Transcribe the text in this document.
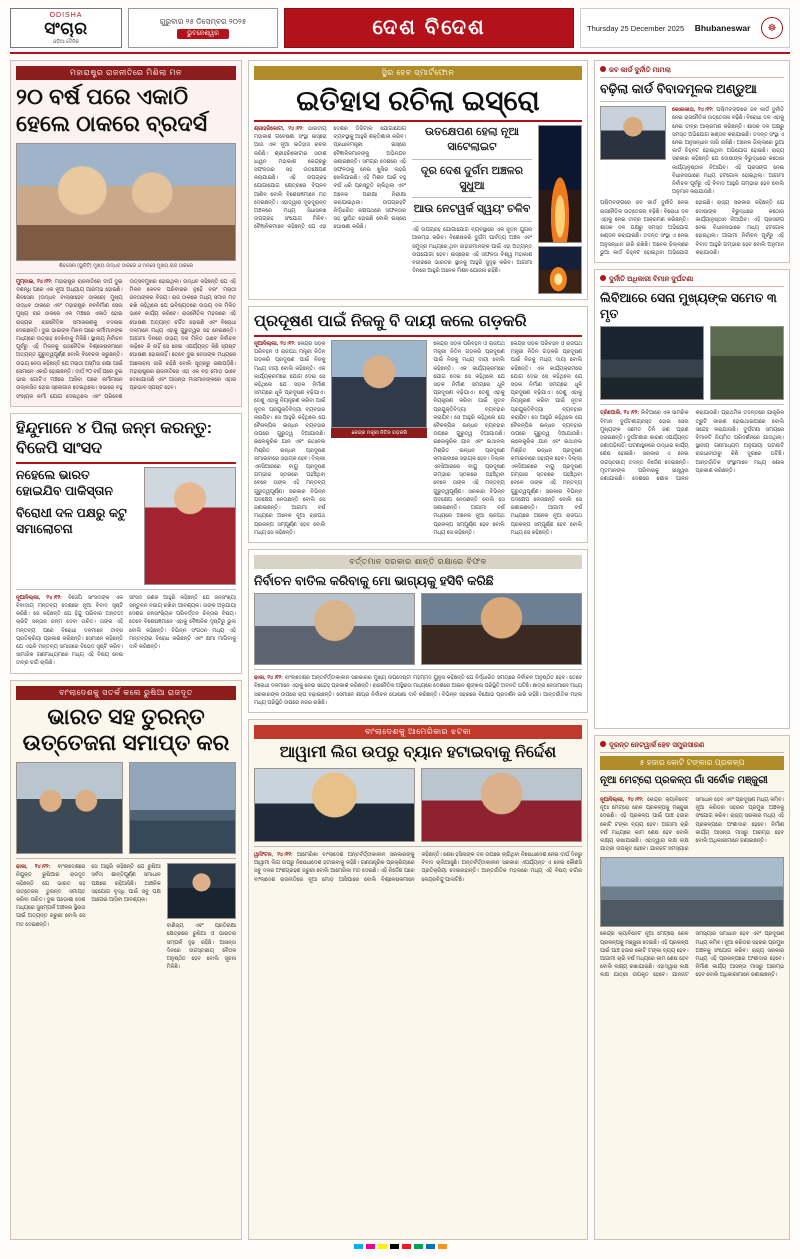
ODISHA
ସଂଚାର
ଓଡ଼ିଆ ଦୈନିକ
ଗୁରୁବାର ୨୫ ଡିସେମ୍ବର ୨୦୨୫
ଭୁବନେଶ୍ୱର	ଦେଶ ବିଦେଶ	Thursday 25 December 2025 Bhubaneswar	☸
ମହାରାଷ୍ଟ୍ର ରାଜନୀତିରେ ମିଶିଲା ମନ
୨୦ ବର୍ଷ ପରେ ଏକାଠି ହେଲେ ଠାକରେ ବ୍ରଦର୍ସ
ଶିବସେନା (ୟୁବିଟି) ମୁଖ୍ୟ ଉଦ୍ଧବ ଠାକରେ ଓ ମନସେ ମୁଖ୍ୟ ରାଜ ଠାକରେ
ମୁମ୍ବାଇ, ୨୪।୧୨: ମହାରାଷ୍ଟ୍ର ରାଜନୀତିରେ ଦୀର୍ଘ ଦୁଇ ଦଶନ୍ଧି ପରେ ଏକ ନୂଆ ଅଧ୍ୟାୟ ଆରମ୍ଭ ହୋଇଛି। ଶିବସେନା (ଉଦ୍ଧବ ବାଲାସାହେବ ଠାକରେ) ମୁଖ୍ୟ ଉଦ୍ଧବ ଠାକରେ ଏବଂ ମହାରାଷ୍ଟ୍ର ନବନିର୍ମାଣ ସେନା ମୁଖ୍ୟ ରାଜ ଠାକରେ ଏକ ମଞ୍ଚରେ ଏକାଠି ହୋଇ ରାଜ୍ୟର ରାଜନୈତିକ ସମୀକରଣକୁ ବଦଳାଇ ଦେଇଛନ୍ତି। ଦୁଇ ଭାଇଙ୍କ ମିଳନ ପରେ କର୍ମୀମାନଙ୍କ ମଧ୍ୟରେ ଉତ୍ସାହ ଦେଖିବାକୁ ମିଳିଛି। ସ୍ଥାନୀୟ ନିର୍ବାଚନ ପୂର୍ବରୁ ଏହି ମିଳନକୁ ରାଜନୈତିକ ବିଶ୍ଳେଷକମାନେ ଅତ୍ୟନ୍ତ ଗୁରୁତ୍ୱପୂର୍ଣ୍ଣ ବୋଲି ବିବେଚନା କରୁଛନ୍ତି। ଉଭୟ ନେତା କହିଛନ୍ତି ଯେ ମରାଠୀ ଅସ୍ମିତା ରକ୍ଷା ପାଇଁ ସେମାନେ ଏକାଠି ହୋଇଛନ୍ତି। ଦୀର୍ଘ ୨୦ ବର୍ଷ ପରେ ଦୁଇ ଭାଇ ଗୋଟିଏ ମଞ୍ଚରେ ଆସିବା ପରେ କର୍ମୀମାନେ ଉଲ୍ଲସିତ ହୋଇ ସ୍ଲୋଗାନ ଦେଇଥିଲେ। ସଭାରେ ବହୁ ସଂଖ୍ୟକ କର୍ମୀ ଯୋଗ ଦେଇଥିଲେ ଏବଂ ପରିବେଶ ଉତ୍ସବମୁଖର ହୋଇଥିଲା। ଉଦ୍ଧବ କହିଛନ୍ତି ଯେ ଏହି ମିଳନ କେବଳ ପରିବାରର ନୁହେଁ ବରଂ ମରାଠୀ ଜନତାଙ୍କର ବିଜୟ। ରାଜ ଠାକରେ ମଧ୍ୟ ସମାନ ମତ ରଖି କହିଥିଲେ ଯେ ଭବିଷ୍ୟତରେ ଉଭୟ ଦଳ ମିଳିତ ଭାବେ କାର୍ଯ୍ୟ କରିବେ। ରାଜନୈତିକ ମହଲରେ ଏହି ଘୋଷଣା ଅତ୍ୟନ୍ତ ଚର୍ଚ୍ଚିତ ହୋଇଛି ଏବଂ ବିରୋଧୀ ଦଳମାନେ ମଧ୍ୟ ଏହାକୁ ଗୁରୁତ୍ୱର ସହ ନେଇଛନ୍ତି। ଆଗାମୀ ଦିନରେ ଉଭୟ ଦଳ ମିଳିତ ଭାବେ ନିର୍ବାଚନ ଲଢ଼ିବେ କି ନାହିଁ ସେ ନେଇ ଏପର୍ଯ୍ୟନ୍ତ କିଛି ସ୍ପଷ୍ଟ ଘୋଷଣା ହୋଇନାହିଁ। ତେବେ ଦୁଇ ନେତାଙ୍କ ମଧ୍ୟରେ ଆଲୋଚନା ଜାରି ରହିଛି ବୋଲି ସୂତ୍ରରୁ ଜଣାପଡ଼ିଛି। ମହାରାଷ୍ଟ୍ରର ରାଜନୀତିରେ ଏହା ଏକ ବଡ଼ ମୋଡ଼ ଭାବେ ଦେଖାଯାଉଛି ଏବଂ ଆସନ୍ତା ମାସମାନଙ୍କରେ ଏହାର ପ୍ରଭାବ ସ୍ପଷ୍ଟ ହେବ।
ହିନ୍ଦୁମାନେ ୪ ପିଲା ଜନ୍ମ କରନ୍ତୁ: ବିଜେପି ସାଂସଦ
ନହେଲେ ଭାରତ ହୋଇଯିବ ପାକିସ୍ତାନ
ବିରୋଧୀ ଦଳ ପକ୍ଷରୁ କଟୁ ସମାଲୋଚନା
ନୂଆଦିଲ୍ଲୀ, ୨୪।୧୨: ବିଜେପି ସାଂସଦଙ୍କ ଏକ ବିବାଦୀୟ ମନ୍ତବ୍ୟ ଦେଶରେ ନୂଆ ବିବାଦ ସୃଷ୍ଟି କରିଛି। ସେ କହିଛନ୍ତି ଯେ ହିନ୍ଦୁ ପରିବାର ଅନ୍ତତଃ ଚାରିଟି ସନ୍ତାନ ଜନ୍ମ ଦେବା ଉଚିତ। ତାଙ୍କ ଏହି ମନ୍ତବ୍ୟ ପରେ ବିରୋଧୀ ଦଳମାନେ ତୀବ୍ର ପ୍ରତିକ୍ରିୟା ପ୍ରକାଶ କରିଛନ୍ତି। ସେମାନେ କହିଛନ୍ତି ଯେ ଏଭଳି ମନ୍ତବ୍ୟ ସମାଜରେ ବିଭେଦ ସୃଷ୍ଟି କରିବ। ସାମାଜିକ ଗଣମାଧ୍ୟମରେ ମଧ୍ୟ ଏହି ବିଷୟ ନେଇ ତୀବ୍ର ଚର୍ଚ୍ଚା ଚାଲିଛି।
ସାଂସଦ ଜଣକ ଆହୁରି କହିଛନ୍ତି ଯେ ଜନସଂଖ୍ୟା ସନ୍ତୁଳନ ବଜାୟ ରଖିବା ଆବଶ୍ୟକ। ତାଙ୍କ ଅନୁଯାୟୀ ଦେଶର ଜନସାଂଖ୍ୟିକ ପରିବର୍ତ୍ତନ ଚିନ୍ତାର ବିଷୟ। ତେବେ ବିଶେଷଜ୍ଞମାନେ ଏହାକୁ ବୈଜ୍ଞାନିକ ଦୃଷ୍ଟିରୁ ଭୁଲ ବୋଲି କହିଛନ୍ତି। ବିଭିନ୍ନ ସଂଗଠନ ମଧ୍ୟ ଏହି ମନ୍ତବ୍ୟର ବିରୋଧ କରିଛନ୍ତି ଏବଂ କ୍ଷମା ମାଗିବାକୁ ଦାବି କରିଛନ୍ତି।
ବାଂଲାଦେଶକୁ ସତର୍କ କଲେ ରୁଷିଆ ରାଜଦୂତ
ଭାରତ ସହ ତୁରନ୍ତ ଉତ୍ତେଜନା ସମାପ୍ତ କର
ଢାକା, ୨୪।୧୨: ବାଂଲାଦେଶରେ ନିଯୁକ୍ତ ରୁଷିଆର ରାଜଦୂତ କହିଛନ୍ତି ଯେ ଭାରତ ସହ ଉତ୍ତେଜନା ତୁରନ୍ତ ସମାପ୍ତ କରିବା ଉଚିତ। ଦୁଇ ପଡ଼ୋଶୀ ଦେଶ ମଧ୍ୟରେ ସୁସମ୍ପର୍କ ଅଞ୍ଚଳର ସ୍ଥିରତା ପାଇଁ ଅତ୍ୟନ୍ତ ଜରୁରୀ ବୋଲି ସେ ମତ ଦେଇଛନ୍ତି।
ସେ ଆହୁରି କହିଛନ୍ତି ଯେ ରୁଷିଆ ସର୍ବଦା ଶାନ୍ତିପୂର୍ଣ୍ଣ ସମାଧାନ ପକ୍ଷରେ ରହିଆସିଛି। ଆଞ୍ଚଳିକ ସହଯୋଗ ବୃଦ୍ଧି ପାଇଁ ସବୁ ପକ୍ଷ ଆଗେଇ ଆସିବା ଆବଶ୍ୟକ।
ବାଣିଜ୍ୟ ଏବଂ ପ୍ରତିରକ୍ଷା କ୍ଷେତ୍ରରେ ରୁଷିଆ ଓ ଭାରତର ସମ୍ପର୍କ ଦୃଢ଼ ରହିଛି। ଆସନ୍ତା ଦିନରେ ଉଚ୍ଚସ୍ତରୀୟ ବୈଠକ ଅନୁଷ୍ଠିତ ହେବ ବୋଲି ସୂଚନା ମିଳିଛି।
ସ୍ଥିର ହେବ ସ୍ମାର୍ଟଫୋନ
ଇତିହାସ ରଚିଲା ଇସ୍ରୋ
ଶ୍ରୀହରିକୋଟା, ୨୪।୧୨: ଭାରତୀୟ ମହାକାଶ ଗବେଷଣା ସଂସ୍ଥା ଇସ୍ରୋ ଆଉ ଏକ ନୂଆ ଇତିହାସ ରଚନା କରିଛି। ଶ୍ରୀହରିକୋଟାର ସତୀଶ ଧାୱନ ମହାକାଶ କେନ୍ଦ୍ରରୁ ସଫଳତାର ସହ ଉତକ୍ଷେପଣ କରାଯାଇଛି। ଏହି ଉପଗ୍ରହ ଯୋଗାଯୋଗ କ୍ଷେତ୍ରରେ ବିପ୍ଳବ ଆଣିବ ବୋଲି ବିଶେଷଜ୍ଞମାନେ ମତ ଦେଇଛନ୍ତି। ଏହାଦ୍ୱାରା ଦୂରଦୂରାନ୍ତ ଅଞ୍ଚଳରେ ମଧ୍ୟ ସିଧାସଳଖ ଉପଗ୍ରହ ସଂଯୋଗ ମିଳିବ। ବୈଜ୍ଞାନିକମାନେ କହିଛନ୍ତି ଯେ ଏହା ଦେଶର ଡିଜିଟାଲ ଯୋଗାଯୋଗ ବ୍ୟବସ୍ଥାକୁ ଆହୁରି ଶକ୍ତିଶାଳୀ କରିବ। ପ୍ରଧାନମନ୍ତ୍ରୀ ଇସ୍ରୋ ବୈଜ୍ଞାନିକମାନଙ୍କୁ ଅଭିନନ୍ଦନ ଜଣାଇଛନ୍ତି। ସମଗ୍ର ଦେଶରେ ଏହି ସଫଳତାକୁ ନେଇ ଖୁସିର ଲହରି ଖେଳିଯାଇଛି। ଏହି ମିଶନ ପାଇଁ ବହୁ ବର୍ଷ ଧରି ପ୍ରସ୍ତୁତି ଚାଲିଥିଲା ଏବଂ ଅନେକ ପରୀକ୍ଷା ନିରୀକ୍ଷା କରାଯାଇଥିଲା। ଉପଗ୍ରହଟି ନିର୍ଦ୍ଧାରିତ କକ୍ଷପଥରେ ସଫଳତାର ସହ ସ୍ଥାପିତ ହୋଇଛି ବୋଲି ଇସ୍ରୋ ଘୋଷଣା କରିଛି।
ଉତକ୍ଷେପଣ ହେଲା ନୂଆ ସାଟେଲାଇଟ
ଦୂର ଦେଶ ଦୁର୍ଗମ ଅଞ୍ଚଳର ସୁଧୁଆ
ଆଉ ନେଟୱର୍କ ସ୍ୱୟଂ ଚଳିବ
ଏହି ଉପଗ୍ରହ ଯୋଗାଯୋଗ ବ୍ୟବସ୍ଥାରେ ଏକ ନୂତନ ଯୁଗର ଆରମ୍ଭ କରିବ। ବିଶେଷକରି ଦୁର୍ଗମ ପାର୍ବତ୍ୟ ଅଞ୍ଚଳ ଏବଂ ସମୁଦ୍ର ମଧ୍ୟରେ ଥିବା ଜାହାଜମାନଙ୍କ ପାଇଁ ଏହା ଅତ୍ୟନ୍ତ ଉପଯୋଗୀ ହେବ। ଇସ୍ରୋର ଏହି ସଫଳତା ବିଶ୍ୱ ମହାକାଶ ବଜାରରେ ଭାରତର ସ୍ଥାନକୁ ଆହୁରି ସୁଦୃଢ଼ କରିବ। ଆଗାମୀ ଦିନରେ ଆହୁରି ଅନେକ ମିଶନ ଯୋଜନା ରହିଛି।
ପ୍ରଦୂଷଣ ପାଇଁ ନିଜକୁ ବି ଦାୟୀ କଲେ ଗଡ଼କରି
ନୂଆଦିଲ୍ଲୀ, ୨୪।୧୨: କେନ୍ଦ୍ର ସଡ଼କ ପରିବହନ ଓ ରାଜପଥ ମନ୍ତ୍ରୀ ନିତିନ ଗଡ଼କରି ପ୍ରଦୂଷଣ ପାଇଁ ନିଜକୁ ମଧ୍ୟ ଦାୟୀ ବୋଲି କହିଛନ୍ତି। ଏକ କାର୍ଯ୍ୟକ୍ରମରେ ଯୋଗ ଦେଇ ସେ କହିଥିଲେ ଯେ ସଡ଼କ ନିର୍ମାଣ ସମୟରେ ଧୂଳି ପ୍ରଦୂଷଣ ବଢ଼ିଯାଏ। ତେଣୁ ଏହାକୁ ନିୟନ୍ତ୍ରଣ କରିବା ପାଇଁ ନୂତନ ପ୍ରଯୁକ୍ତିବିଦ୍ୟା ବ୍ୟବହାର କରାଯିବ। ସେ ଆହୁରି କହିଥିଲେ ଯେ ବୈକଳ୍ପିକ ଇନ୍ଧନ ବ୍ୟବହାର ଉପରେ ଗୁରୁତ୍ୱ ଦିଆଯାଉଛି। ଇଲେକ୍ଟ୍ରିକ ଯାନ ଏବଂ ଇଥାନଲ ମିଶ୍ରିତ ଇନ୍ଧନ ପ୍ରଦୂଷଣ କମାଇବାରେ ସହାୟକ ହେବ। ଦିଲ୍ଲୀ ଏନସିଆରରେ ବାୟୁ ପ୍ରଦୂଷଣ ଗମ୍ଭୀର ସ୍ତରରେ ପହଞ୍ଚିଥିବା ବେଳେ ତାଙ୍କ ଏହି ମନ୍ତବ୍ୟ ଗୁରୁତ୍ୱପୂର୍ଣ୍ଣ। ସରକାର ବିଭିନ୍ନ ପଦକ୍ଷେପ ନେଉଛନ୍ତି ବୋଲି ସେ ଜଣାଇଛନ୍ତି। ଆଗାମୀ ବର୍ଷ ମଧ୍ୟରେ ଅନେକ ନୂଆ ରାଜପଥ ପ୍ରକଳ୍ପ ସମ୍ପୂର୍ଣ୍ଣ ହେବ ବୋଲି ମଧ୍ୟ ସେ କହିଛନ୍ତି।
କେନ୍ଦ୍ର ମନ୍ତ୍ରୀ ନିତିନ ଗଡ଼କରି
କେନ୍ଦ୍ର ସଡ଼କ ପରିବହନ ଓ ରାଜପଥ ମନ୍ତ୍ରୀ ନିତିନ ଗଡ଼କରି ପ୍ରଦୂଷଣ ପାଇଁ ନିଜକୁ ମଧ୍ୟ ଦାୟୀ ବୋଲି କହିଛନ୍ତି। ଏକ କାର୍ଯ୍ୟକ୍ରମରେ ଯୋଗ ଦେଇ ସେ କହିଥିଲେ ଯେ ସଡ଼କ ନିର୍ମାଣ ସମୟରେ ଧୂଳି ପ୍ରଦୂଷଣ ବଢ଼ିଯାଏ। ତେଣୁ ଏହାକୁ ନିୟନ୍ତ୍ରଣ କରିବା ପାଇଁ ନୂତନ ପ୍ରଯୁକ୍ତିବିଦ୍ୟା ବ୍ୟବହାର କରାଯିବ। ସେ ଆହୁରି କହିଥିଲେ ଯେ ବୈକଳ୍ପିକ ଇନ୍ଧନ ବ୍ୟବହାର ଉପରେ ଗୁରୁତ୍ୱ ଦିଆଯାଉଛି। ଇଲେକ୍ଟ୍ରିକ ଯାନ ଏବଂ ଇଥାନଲ ମିଶ୍ରିତ ଇନ୍ଧନ ପ୍ରଦୂଷଣ କମାଇବାରେ ସହାୟକ ହେବ। ଦିଲ୍ଲୀ ଏନସିଆରରେ ବାୟୁ ପ୍ରଦୂଷଣ ଗମ୍ଭୀର ସ୍ତରରେ ପହଞ୍ଚିଥିବା ବେଳେ ତାଙ୍କ ଏହି ମନ୍ତବ୍ୟ ଗୁରୁତ୍ୱପୂର୍ଣ୍ଣ। ସରକାର ବିଭିନ୍ନ ପଦକ୍ଷେପ ନେଉଛନ୍ତି ବୋଲି ସେ ଜଣାଇଛନ୍ତି। ଆଗାମୀ ବର୍ଷ ମଧ୍ୟରେ ଅନେକ ନୂଆ ରାଜପଥ ପ୍ରକଳ୍ପ ସମ୍ପୂର୍ଣ୍ଣ ହେବ ବୋଲି ମଧ୍ୟ ସେ କହିଛନ୍ତି।
କେନ୍ଦ୍ର ସଡ଼କ ପରିବହନ ଓ ରାଜପଥ ମନ୍ତ୍ରୀ ନିତିନ ଗଡ଼କରି ପ୍ରଦୂଷଣ ପାଇଁ ନିଜକୁ ମଧ୍ୟ ଦାୟୀ ବୋଲି କହିଛନ୍ତି। ଏକ କାର୍ଯ୍ୟକ୍ରମରେ ଯୋଗ ଦେଇ ସେ କହିଥିଲେ ଯେ ସଡ଼କ ନିର୍ମାଣ ସମୟରେ ଧୂଳି ପ୍ରଦୂଷଣ ବଢ଼ିଯାଏ। ତେଣୁ ଏହାକୁ ନିୟନ୍ତ୍ରଣ କରିବା ପାଇଁ ନୂତନ ପ୍ରଯୁକ୍ତିବିଦ୍ୟା ବ୍ୟବହାର କରାଯିବ। ସେ ଆହୁରି କହିଥିଲେ ଯେ ବୈକଳ୍ପିକ ଇନ୍ଧନ ବ୍ୟବହାର ଉପରେ ଗୁରୁତ୍ୱ ଦିଆଯାଉଛି। ଇଲେକ୍ଟ୍ରିକ ଯାନ ଏବଂ ଇଥାନଲ ମିଶ୍ରିତ ଇନ୍ଧନ ପ୍ରଦୂଷଣ କମାଇବାରେ ସହାୟକ ହେବ। ଦିଲ୍ଲୀ ଏନସିଆରରେ ବାୟୁ ପ୍ରଦୂଷଣ ଗମ୍ଭୀର ସ୍ତରରେ ପହଞ୍ଚିଥିବା ବେଳେ ତାଙ୍କ ଏହି ମନ୍ତବ୍ୟ ଗୁରୁତ୍ୱପୂର୍ଣ୍ଣ। ସରକାର ବିଭିନ୍ନ ପଦକ୍ଷେପ ନେଉଛନ୍ତି ବୋଲି ସେ ଜଣାଇଛନ୍ତି। ଆଗାମୀ ବର୍ଷ ମଧ୍ୟରେ ଅନେକ ନୂଆ ରାଜପଥ ପ୍ରକଳ୍ପ ସମ୍ପୂର୍ଣ୍ଣ ହେବ ବୋଲି ମଧ୍ୟ ସେ କହିଛନ୍ତି।
ବର୍ତ୍ତମାନ ସରକାର ଶାନ୍ତି ରକ୍ଷାରେ ବିଫଳ
ନିର୍ବାଚନ ବାତିଲ କରିବାକୁ ମୋ ଭାଗ୍ୟକୁ ହସିବି କରିଛି
ଢାକା, ୨୪।୧୨: ବାଂଲାଦେଶର ଅନ୍ତର୍ବର୍ତ୍ତୀକାଳୀନ ସରକାରର ମୁଖ୍ୟ ଉପଦେଷ୍ଟା ମହମ୍ମଦ ୟୁନୁସ କହିଛନ୍ତି ଯେ ନିର୍ଦ୍ଧାରିତ ସମୟରେ ନିର୍ବାଚନ ଅନୁଷ୍ଠିତ ହେବ। ତେବେ ବିରୋଧୀ ଦଳମାନେ ଏହାକୁ ନେଇ ସନ୍ଦେହ ପ୍ରକାଶ କରିଛନ୍ତି। ରାଜନୈତିକ ଅସ୍ଥିରତା ମଧ୍ୟରେ ଦେଶରେ ଆଇନ ଶୃଙ୍ଖଳା ପରିସ୍ଥିତି ଅବନତି ଘଟିଛି। ଛାତ୍ର ନେତାମାନେ ମଧ୍ୟ ସରକାରଙ୍କ ଉପରେ ଚାପ ବଢ଼ାଇଛନ୍ତି। ସେମାନେ ଶୀଘ୍ର ନିର୍ବାଚନ ଘୋଷଣା ଦାବି କରିଛନ୍ତି। ବିଭିନ୍ନ ସହରରେ ବିକ୍ଷୋଭ ପ୍ରଦର୍ଶନ ଜାରି ରହିଛି। ଆନ୍ତର୍ଜାତିକ ମହଲ ମଧ୍ୟ ପରିସ୍ଥିତି ଉପରେ ନଜର ରଖିଛି।
ବାଂଲାଦେଶକୁ ଆମେରିକାର ଝଟକା
ଆୱାମୀ ଲିଗ ଉପରୁ ବ୍ୟାନ ହଟାଇବାକୁ ନିର୍ଦ୍ଦେଶ
ୱାସିଂଟନ, ୨୪।୧୨: ଆମେରିକା ବାଂଲାଦେଶ ଅନ୍ତର୍ବର୍ତ୍ତୀକାଳୀନ ସରକାରଙ୍କୁ ଆୱାମୀ ଲିଗ ଉପରୁ ନିଷେଧାଦେଶ ହଟାଇବାକୁ କହିଛି। ଗଣତାନ୍ତ୍ରିକ ପ୍ରକ୍ରିୟାରେ ସବୁ ଦଳର ଅଂଶଗ୍ରହଣ ଜରୁରୀ ବୋଲି ଆମେରିକା ମତ ଦେଇଛି। ଏହି ନିର୍ଦ୍ଦେଶ ପରେ ବାଂଲାଦେଶ ରାଜନୀତିରେ ନୂଆ ମୋଡ଼ ଆସିପାରେ ବୋଲି ବିଶ୍ଳେଷକମାନେ କହିଛନ୍ତି। ଶେଖ ହସିନାଙ୍କ ଦଳ ଉପରେ ଲାଗିଥିବା ନିଷେଧାଦେଶ ନେଇ ଦୀର୍ଘ ଦିନରୁ ବିବାଦ ଚାଲିଆସୁଛି। ଅନ୍ତର୍ବର୍ତ୍ତୀକାଳୀନ ସରକାର ଏପର୍ଯ୍ୟନ୍ତ ଏ ନେଇ କୌଣସି ପ୍ରତିକ୍ରିୟା ଦେଇନାହାନ୍ତି। ଆନ୍ତର୍ଜାତିକ ମହଲରେ ମଧ୍ୟ ଏହି ବିଷୟ ଚର୍ଚ୍ଚାର କେନ୍ଦ୍ରବିନ୍ଦୁ ପାଲଟିଛି।
ଜବ କାର୍ଡ ଦୁର୍ନୀତି ମାମଲା
ବଢ଼ିଲା କାର୍ଡ ବିବାଦମୂଳକ ଅଣ୍ଡୁଆ
କୋଲକାତା, ୨୪।୧୨: ପଶ୍ଚିମବଙ୍ଗରେ ଜବ କାର୍ଡ ଦୁର୍ନୀତି ନେଇ ରାଜନୈତିକ ଉତ୍ତେଜନା ବଢ଼ିଛି। ବିରୋଧୀ ଦଳ ଏହାକୁ ନେଇ ତୀବ୍ର ଆକ୍ରମଣ କରିଛନ୍ତି। ଶାସକ ଦଳ ପକ୍ଷରୁ ସମସ୍ତ ଅଭିଯୋଗ ଖଣ୍ଡନ କରାଯାଇଛି। ତଦନ୍ତ ସଂସ୍ଥା ଏ ନେଇ ଅନୁସନ୍ଧାନ ଜାରି ରଖିଛି। ଅନେକ ଜିଲ୍ଲାରେ ଭୁଆ କାର୍ଡ ଚିହ୍ନଟ ହୋଇଥିବା ଅଭିଯୋଗ ହୋଇଛି। ରାଜ୍ୟ ସରକାର କହିଛନ୍ତି ଯେ ଦୋଷୀଙ୍କ ବିରୁଦ୍ଧରେ କଠୋର କାର୍ଯ୍ୟାନୁଷ୍ଠାନ ନିଆଯିବ। ଏହି ପ୍ରସଙ୍ଗ ନେଇ ବିଧାନସଭାରେ ମଧ୍ୟ ହଟଗୋଳ ହୋଇଥିଲା। ଆଗାମୀ ନିର୍ବାଚନ ପୂର୍ବରୁ ଏହି ବିବାଦ ଆହୁରି ଗମ୍ଭୀର ହେବ ବୋଲି ଅନୁମାନ କରାଯାଉଛି।
ପଶ୍ଚିମବଙ୍ଗରେ ଜବ କାର୍ଡ ଦୁର୍ନୀତି ନେଇ ରାଜନୈତିକ ଉତ୍ତେଜନା ବଢ଼ିଛି। ବିରୋଧୀ ଦଳ ଏହାକୁ ନେଇ ତୀବ୍ର ଆକ୍ରମଣ କରିଛନ୍ତି। ଶାସକ ଦଳ ପକ୍ଷରୁ ସମସ୍ତ ଅଭିଯୋଗ ଖଣ୍ଡନ କରାଯାଇଛି। ତଦନ୍ତ ସଂସ୍ଥା ଏ ନେଇ ଅନୁସନ୍ଧାନ ଜାରି ରଖିଛି। ଅନେକ ଜିଲ୍ଲାରେ ଭୁଆ କାର୍ଡ ଚିହ୍ନଟ ହୋଇଥିବା ଅଭିଯୋଗ ହୋଇଛି। ରାଜ୍ୟ ସରକାର କହିଛନ୍ତି ଯେ ଦୋଷୀଙ୍କ ବିରୁଦ୍ଧରେ କଠୋର କାର୍ଯ୍ୟାନୁଷ୍ଠାନ ନିଆଯିବ। ଏହି ପ୍ରସଙ୍ଗ ନେଇ ବିଧାନସଭାରେ ମଧ୍ୟ ହଟଗୋଳ ହୋଇଥିଲା। ଆଗାମୀ ନିର୍ବାଚନ ପୂର୍ବରୁ ଏହି ବିବାଦ ଆହୁରି ଗମ୍ଭୀର ହେବ ବୋଲି ଅନୁମାନ କରାଯାଉଛି।
ଦୁର୍ନୀତି ଅଧିକାରୀ ବିମାନ ଦୁର୍ଘଟଣା
ଲିବିଆରେ ସେନା ମୁଖ୍ୟଙ୍କ ସମେତ ୩ ମୃତ
ତ୍ରିପୋଲି, ୨୪।୧୨: ଲିବିଆରେ ଏକ ସାମରିକ ବିମାନ ଦୁର୍ଘଟଣାଗ୍ରସ୍ତ ହୋଇ ସେନା ମୁଖ୍ୟଙ୍କ ସମେତ ତିନି ଜଣ ପ୍ରାଣ ହରାଇଛନ୍ତି। ଦୁର୍ଘଟଣାର କାରଣ ଏପର୍ଯ୍ୟନ୍ତ ଜଣାପଡ଼ିନାହିଁ। ଘଟଣାସ୍ଥଳରେ ଉଦ୍ଧାର କାର୍ଯ୍ୟ ଶେଷ ହୋଇଛି। ସରକାର ଏ ନେଇ ଉଚ୍ଚସ୍ତରୀୟ ତଦନ୍ତ ନିର୍ଦ୍ଦେଶ ଦେଇଛନ୍ତି। ମୃତମାନଙ୍କ ପରିବାରକୁ ସାନ୍ତ୍ୱନା ଜଣାଯାଇଛି। ଦେଶରେ ଶୋକ ପାଳନ କରାଯାଉଛି। ପ୍ରାଥମିକ ତଦନ୍ତରେ ଯାନ୍ତ୍ରିକ ତ୍ରୁଟି କାରଣ ହୋଇଥାଇପାରେ ବୋଲି ସନ୍ଦେହ କରାଯାଉଛି। ଦୁର୍ଘଟଣା ସମୟରେ ବିମାନଟି ନିୟମିତ ପରିଦର୍ଶନରେ ଯାଉଥିଲା। ସ୍ଥାନୀୟ ଗଣମାଧ୍ୟମ ଅନୁଯାୟୀ ଘଟଣାଟି ରାଜଧାନୀଠାରୁ କିଛି ଦୂରରେ ଘଟିଛି। ଆନ୍ତର୍ଜାତିକ ସଂସ୍ଥାମାନେ ମଧ୍ୟ ଶୋକ ପ୍ରକାଶ କରିଛନ୍ତି।
ଦୂରନ୍ତ ନେଟୱାର୍କ ହେବ ସମ୍ପ୍ରସାରଣ
୫ ହଜାର କୋଟି ଟଙ୍କାର ପ୍ରକଳ୍ପ
ନୂଆ ମେଟ୍ରୋ ପ୍ରକଳ୍ପ ଗାଁ ସର୍ବୋଚ୍ଚ ମଞ୍ଜୁରୀ
ନୂଆଦିଲ୍ଲୀ, ୨୪।୧୨: କେନ୍ଦ୍ର କ୍ୟାବିନେଟ ନୂଆ ମେଟ୍ରୋ ରେଳ ପ୍ରକଳ୍ପକୁ ମଞ୍ଜୁରୀ ଦେଇଛି। ଏହି ପ୍ରକଳ୍ପ ପାଇଁ ପାଞ୍ଚ ହଜାର କୋଟି ଟଙ୍କା ବ୍ୟୟ ହେବ। ଆଗାମୀ ଚାରି ବର୍ଷ ମଧ୍ୟରେ କାମ ଶେଷ ହେବ ବୋଲି ଲକ୍ଷ୍ୟ ରଖାଯାଇଛି। ଏହାଦ୍ୱାରା ଲକ୍ଷ ଲକ୍ଷ ଯାତ୍ରୀ ଉପକୃତ ହେବେ। ଯାନଜଟ ସମସ୍ୟାର ସମାଧାନ ହେବ ଏବଂ ପ୍ରଦୂଷଣ ମଧ୍ୟ କମିବ। ନୂଆ କରିଡର ସହରର ପ୍ରମୁଖ ଅଞ୍ଚଳକୁ ସଂଯୋଗ କରିବ। ରାଜ୍ୟ ସରକାର ମଧ୍ୟ ଏହି ପ୍ରକଳ୍ପରେ ଅଂଶୀଦାର ହେବେ। ନିର୍ମାଣ କାର୍ଯ୍ୟ ଆସନ୍ତା ମାସରୁ ଆରମ୍ଭ ହେବ ବୋଲି ଅଧିକାରୀମାନେ ଜଣାଇଛନ୍ତି।
କେନ୍ଦ୍ର କ୍ୟାବିନେଟ ନୂଆ ମେଟ୍ରୋ ରେଳ ପ୍ରକଳ୍ପକୁ ମଞ୍ଜୁରୀ ଦେଇଛି। ଏହି ପ୍ରକଳ୍ପ ପାଇଁ ପାଞ୍ଚ ହଜାର କୋଟି ଟଙ୍କା ବ୍ୟୟ ହେବ। ଆଗାମୀ ଚାରି ବର୍ଷ ମଧ୍ୟରେ କାମ ଶେଷ ହେବ ବୋଲି ଲକ୍ଷ୍ୟ ରଖାଯାଇଛି। ଏହାଦ୍ୱାରା ଲକ୍ଷ ଲକ୍ଷ ଯାତ୍ରୀ ଉପକୃତ ହେବେ। ଯାନଜଟ ସମସ୍ୟାର ସମାଧାନ ହେବ ଏବଂ ପ୍ରଦୂଷଣ ମଧ୍ୟ କମିବ। ନୂଆ କରିଡର ସହରର ପ୍ରମୁଖ ଅଞ୍ଚଳକୁ ସଂଯୋଗ କରିବ। ରାଜ୍ୟ ସରକାର ମଧ୍ୟ ଏହି ପ୍ରକଳ୍ପରେ ଅଂଶୀଦାର ହେବେ। ନିର୍ମାଣ କାର୍ଯ୍ୟ ଆସନ୍ତା ମାସରୁ ଆରମ୍ଭ ହେବ ବୋଲି ଅଧିକାରୀମାନେ ଜଣାଇଛନ୍ତି।
